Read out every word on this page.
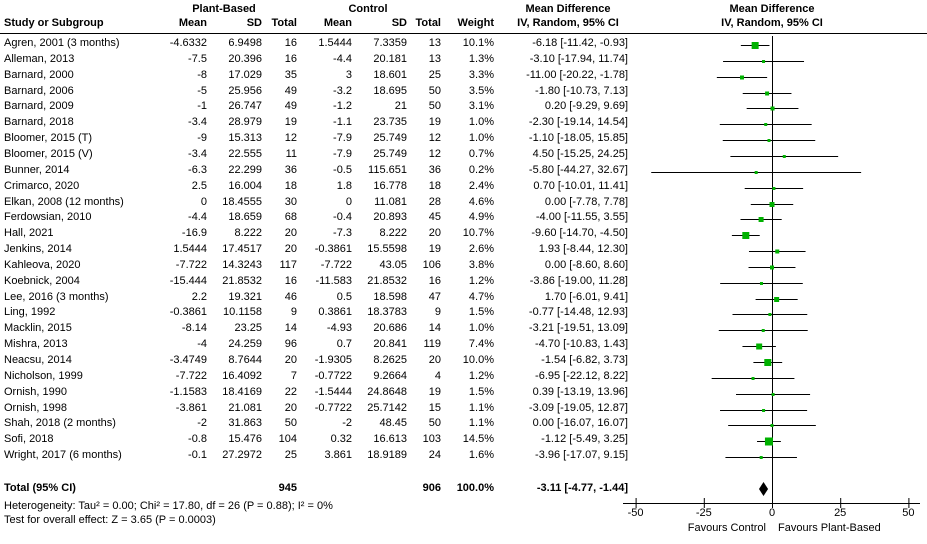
Plant-Based	Control	Mean Difference	Mean Difference
Study or Subgroup	Mean	SD Total	Mean	SD Total	Weight	IV, Random, 95% CI	IV, Random, 95% CI
Agren, 2001 (3 months)	-4.6332	6.9498	16	1.5444	7.3359	13	10.1%	-6.18 [-11.42, -0.93]
Alleman, 2013	-7.5	20.396	16	-4.4	20.181	13	1.3%	-3.10 [-17.94, 11.74]
Barnard, 2000	-8	17.029	35	3	18.601	25	3.3%	-11.00 [-20.22, -1.78]
Barnard, 2006	-5	25.956	49	-3.2	18.695	50	3.5%	-1.80 [-10.73, 7.13]
Barnard, 2009	-1	26.747	49	-1.2	21	50	3.1%	0.20 [-9.29, 9.69]
Barnard, 2018	-3.4	28.979	19	-1.1	23.735	19	1.0%	-2.30 [-19.14, 14.54]
Bloomer, 2015 (T)	-9	15.313	12	-7.9	25.749	12	1.0%	-1.10 [-18.05, 15.85]
Bloomer, 2015 (V)	-3.4	22.555	11	-7.9	25.749	12	0.7%	4.50 [-15.25, 24.25]
Bunner, 2014	-6.3	22.299	36	-0.5	115.651	36	0.2%	-5.80 [-44.27, 32.67]
Crimarco, 2020	2.5	16.004	18	1.8	16.778	18	2.4%	0.70 [-10.01, 11.41]
Elkan, 2008 (12 months)	0	18.4555	30	0	11.081	28	4.6%	0.00 [-7.78, 7.78]
Ferdowsian, 2010	-4.4	18.659	68	-0.4	20.893	45	4.9%	-4.00 [-11.55, 3.55]
Hall, 2021	-16.9	8.222	20	-7.3	8.222	20	10.7%	-9.60 [-14.70, -4.50]
Jenkins, 2014	1.5444	17.4517	20	-0.3861	15.5598	19	2.6%	1.93 [-8.44, 12.30]
Kahleova, 2020	-7.722	14.3243	117	-7.722	43.05	106	3.8%	0.00 [-8.60, 8.60]
Koebnick, 2004	-15.444	21.8532	16	-11.583	21.8532	16	1.2%	-3.86 [-19.00, 11.28]
Lee, 2016 (3 months)	2.2	19.321	46	0.5	18.598	47	4.7%	1.70 [-6.01, 9.41]
Ling, 1992	-0.3861	10.1158	9	0.3861	18.3783	9	1.5%	-0.77 [-14.48, 12.93]
Macklin, 2015	-8.14	23.25	14	-4.93	20.686	14	1.0%	-3.21 [-19.51, 13.09]
Mishra, 2013	-4	24.259	96	0.7	20.841	119	7.4%	-4.70 [-10.83, 1.43]
Neacsu, 2014	-3.4749	8.7644	20	-1.9305	8.2625	20	10.0%	-1.54 [-6.82, 3.73]
Nicholson, 1999	-7.722	16.4092	7	-0.7722	9.2664	4	1.2%	-6.95 [-22.12, 8.22]
Ornish, 1990	-1.1583	18.4169	22	-1.5444	24.8648	19	1.5%	0.39 [-13.19, 13.96]
Ornish, 1998	-3.861	21.081	20	-0.7722	25.7142	15	1.1%	-3.09 [-19.05, 12.87]
Shah, 2018 (2 months)	-2	31.863	50	-2	48.45	50	1.1%	0.00 [-16.07, 16.07]
Sofi, 2018	-0.8	15.476	104	0.32	16.613	103	14.5%	-1.12 [-5.49, 3.25]
Wright, 2017 (6 months)	-0.1	27.2972	25	3.861	18.9189	24	1.6%	-3.96 [-17.07, 9.15]
Total (95% CI)	945	906	100.0%	-3.11 [-4.77, -1.44]
Heterogeneity: Tau² = 0.00; Chi² = 17.80, df = 26 (P = 0.88); I² = 0%
Test for overall effect: Z = 3.65 (P = 0.0003)
-50	-25	0	25	50
Favours Control Favours Plant-Based
